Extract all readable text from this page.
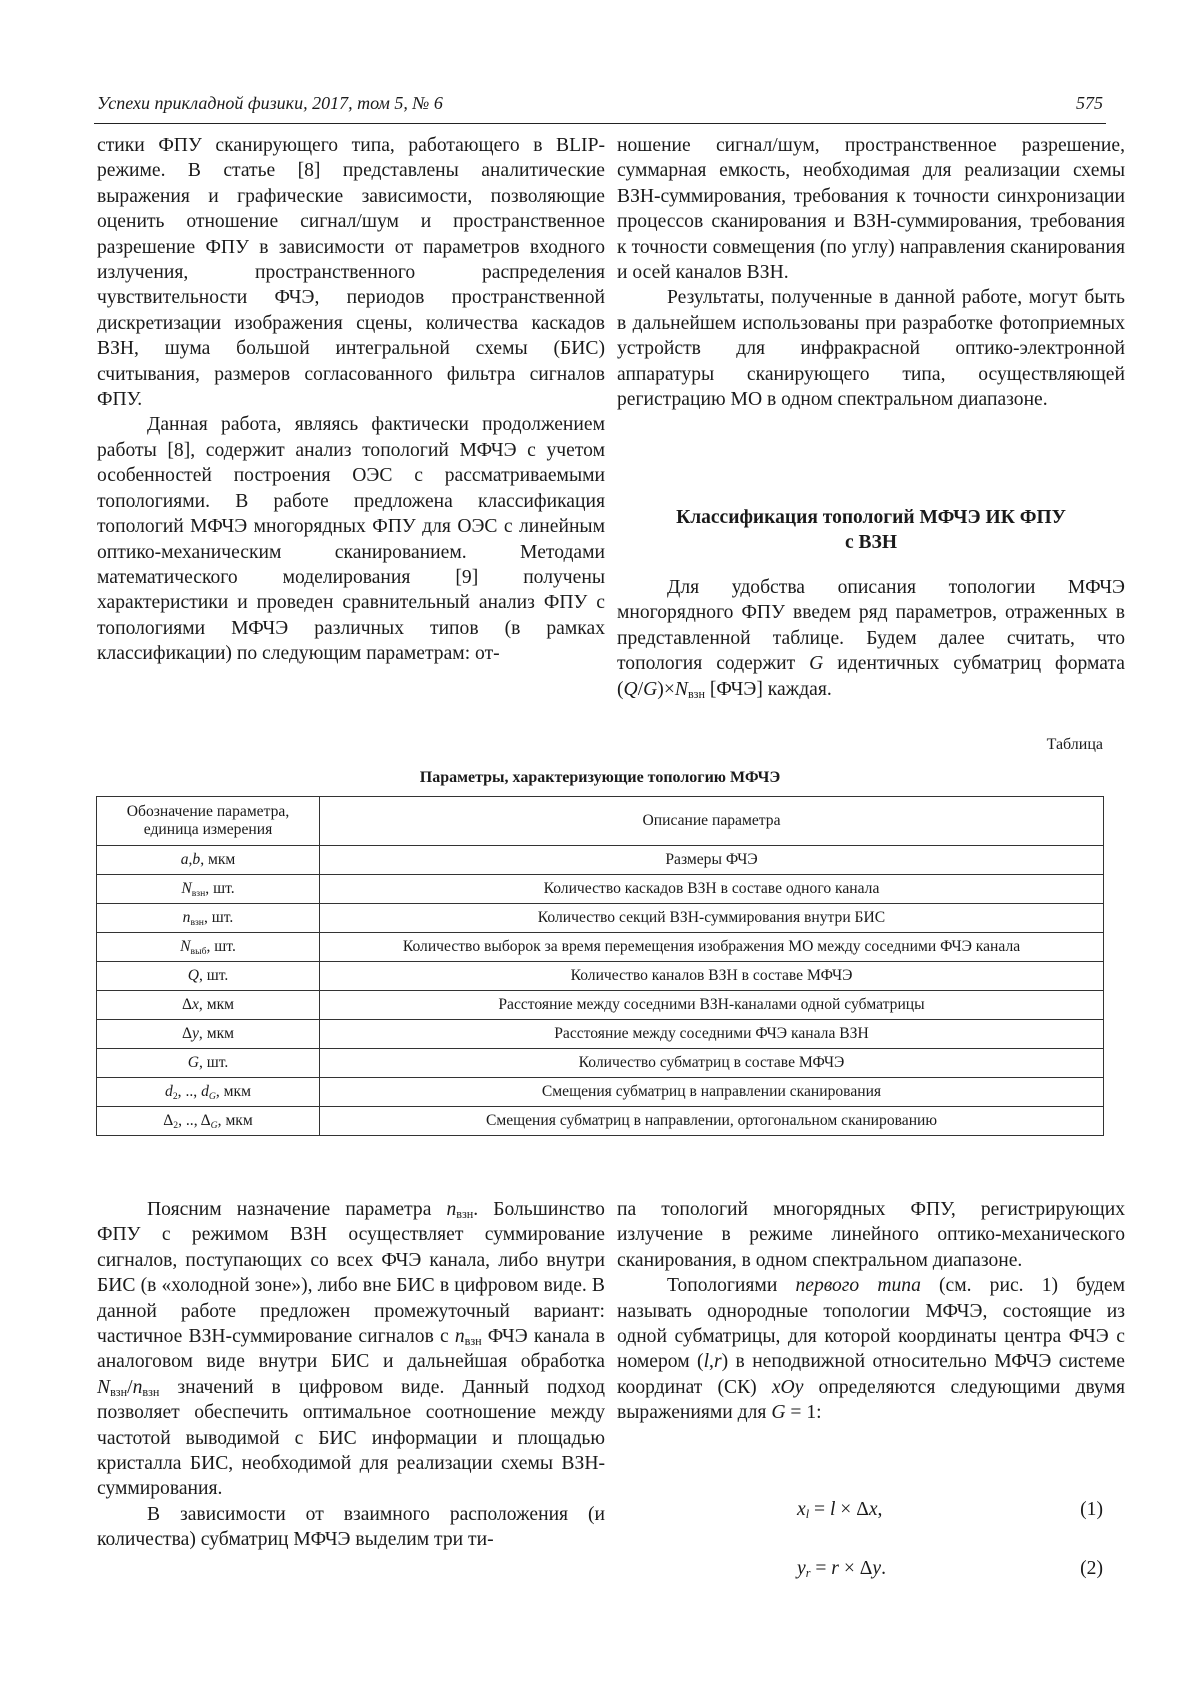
Успехи прикладной физики, 2017, том 5, № 6	575

стики ФПУ сканирующего типа, работающего в BLIP-режиме. В статье [8] представлены аналитические выражения и графические зависимости, позволяющие оценить отношение сигнал/шум и пространственное разрешение ФПУ в зависимости от параметров входного излучения, пространственного распределения чувствительности ФЧЭ, периодов пространственной дискретизации изображения сцены, количества каскадов ВЗН, шума большой интегральной схемы (БИС) считывания, размеров согласованного фильтра сигналов ФПУ.

Данная работа, являясь фактически продолжением работы [8], содержит анализ топологий МФЧЭ с учетом особенностей построения ОЭС с рассматриваемыми топологиями. В работе предложена классификация топологий МФЧЭ многорядных ФПУ для ОЭС с линейным оптико-механическим сканированием. Методами математического моделирования [9] получены характеристики и проведен сравнительный анализ ФПУ с топологиями МФЧЭ различных типов (в рамках классификации) по следующим параметрам: от-

ношение сигнал/шум, пространственное разрешение, суммарная емкость, необходимая для реализации схемы ВЗН-суммирования, требования к точности синхронизации процессов сканирования и ВЗН-суммирования, требования к точности совмещения (по углу) направления сканирования и осей каналов ВЗН.

Результаты, полученные в данной работе, могут быть в дальнейшем использованы при разработке фотоприемных устройств для инфракрасной оптико-электронной аппаратуры сканирующего типа, осуществляющей регистрацию МО в одном спектральном диапазоне.

Классификация топологий МФЧЭ ИК ФПУ
с ВЗН

Для удобства описания топологии МФЧЭ многорядного ФПУ введем ряд параметров, отраженных в представленной таблице. Будем далее считать, что топология содержит G идентичных субматриц формата $(Q/G)\times N_{взн}$ [ФЧЭ] каждая.

Таблица
Параметры, характеризующие топологию МФЧЭ
Обозначение параметра, единица измерения	Описание параметра
a,b, мкм	Размеры ФЧЭ
$N_{взн}$, шт.	Количество каскадов ВЗН в составе одного канала
$n_{взн}$, шт.	Количество секций ВЗН-суммирования внутри БИС
$N_{выб}$, шт.	Количество выборок за время перемещения изображения МО между соседними ФЧЭ канала
Q, шт.	Количество каналов ВЗН в составе МФЧЭ
Δx, мкм	Расстояние между соседними ВЗН-каналами одной субматрицы
Δy, мкм	Расстояние между соседними ФЧЭ канала ВЗН
G, шт.	Количество субматриц в составе МФЧЭ
$d_2$, .., $d_G$, мкм	Смещения субматриц в направлении сканирования
$\Delta_2$, .., $\Delta_G$, мкм	Смещения субматриц в направлении, ортогональном сканированию

Поясним назначение параметра $n_{взн}$. Большинство ФПУ с режимом ВЗН осуществляет суммирование сигналов, поступающих со всех ФЧЭ канала, либо внутри БИС (в «холодной зоне»), либо вне БИС в цифровом виде. В данной работе предложен промежуточный вариант: частичное ВЗН-суммирование сигналов с $n_{взн}$ ФЧЭ канала в аналоговом виде внутри БИС и дальнейшая обработка $N_{взн}/n_{взн}$ значений в цифровом виде. Данный подход позволяет обеспечить оптимальное соотношение между частотой выводимой с БИС информации и площадью кристалла БИС, необходимой для реализации схемы ВЗН-суммирования.

В зависимости от взаимного расположения (и количества) субматриц МФЧЭ выделим три ти-

па топологий многорядных ФПУ, регистрирующих излучение в режиме линейного оптико-механического сканирования, в одном спектральном диапазоне.

Топологиями первого типа (см. рис. 1) будем называть однородные топологии МФЧЭ, состоящие из одной субматрицы, для которой координаты центра ФЧЭ с номером (l,r) в неподвижной относительно МФЧЭ системе координат (СК) xOy определяются следующими двумя выражениями для G = 1:

$x_l = l \times \Delta x$,	(1)
$y_r = r \times \Delta y$.	(2)
